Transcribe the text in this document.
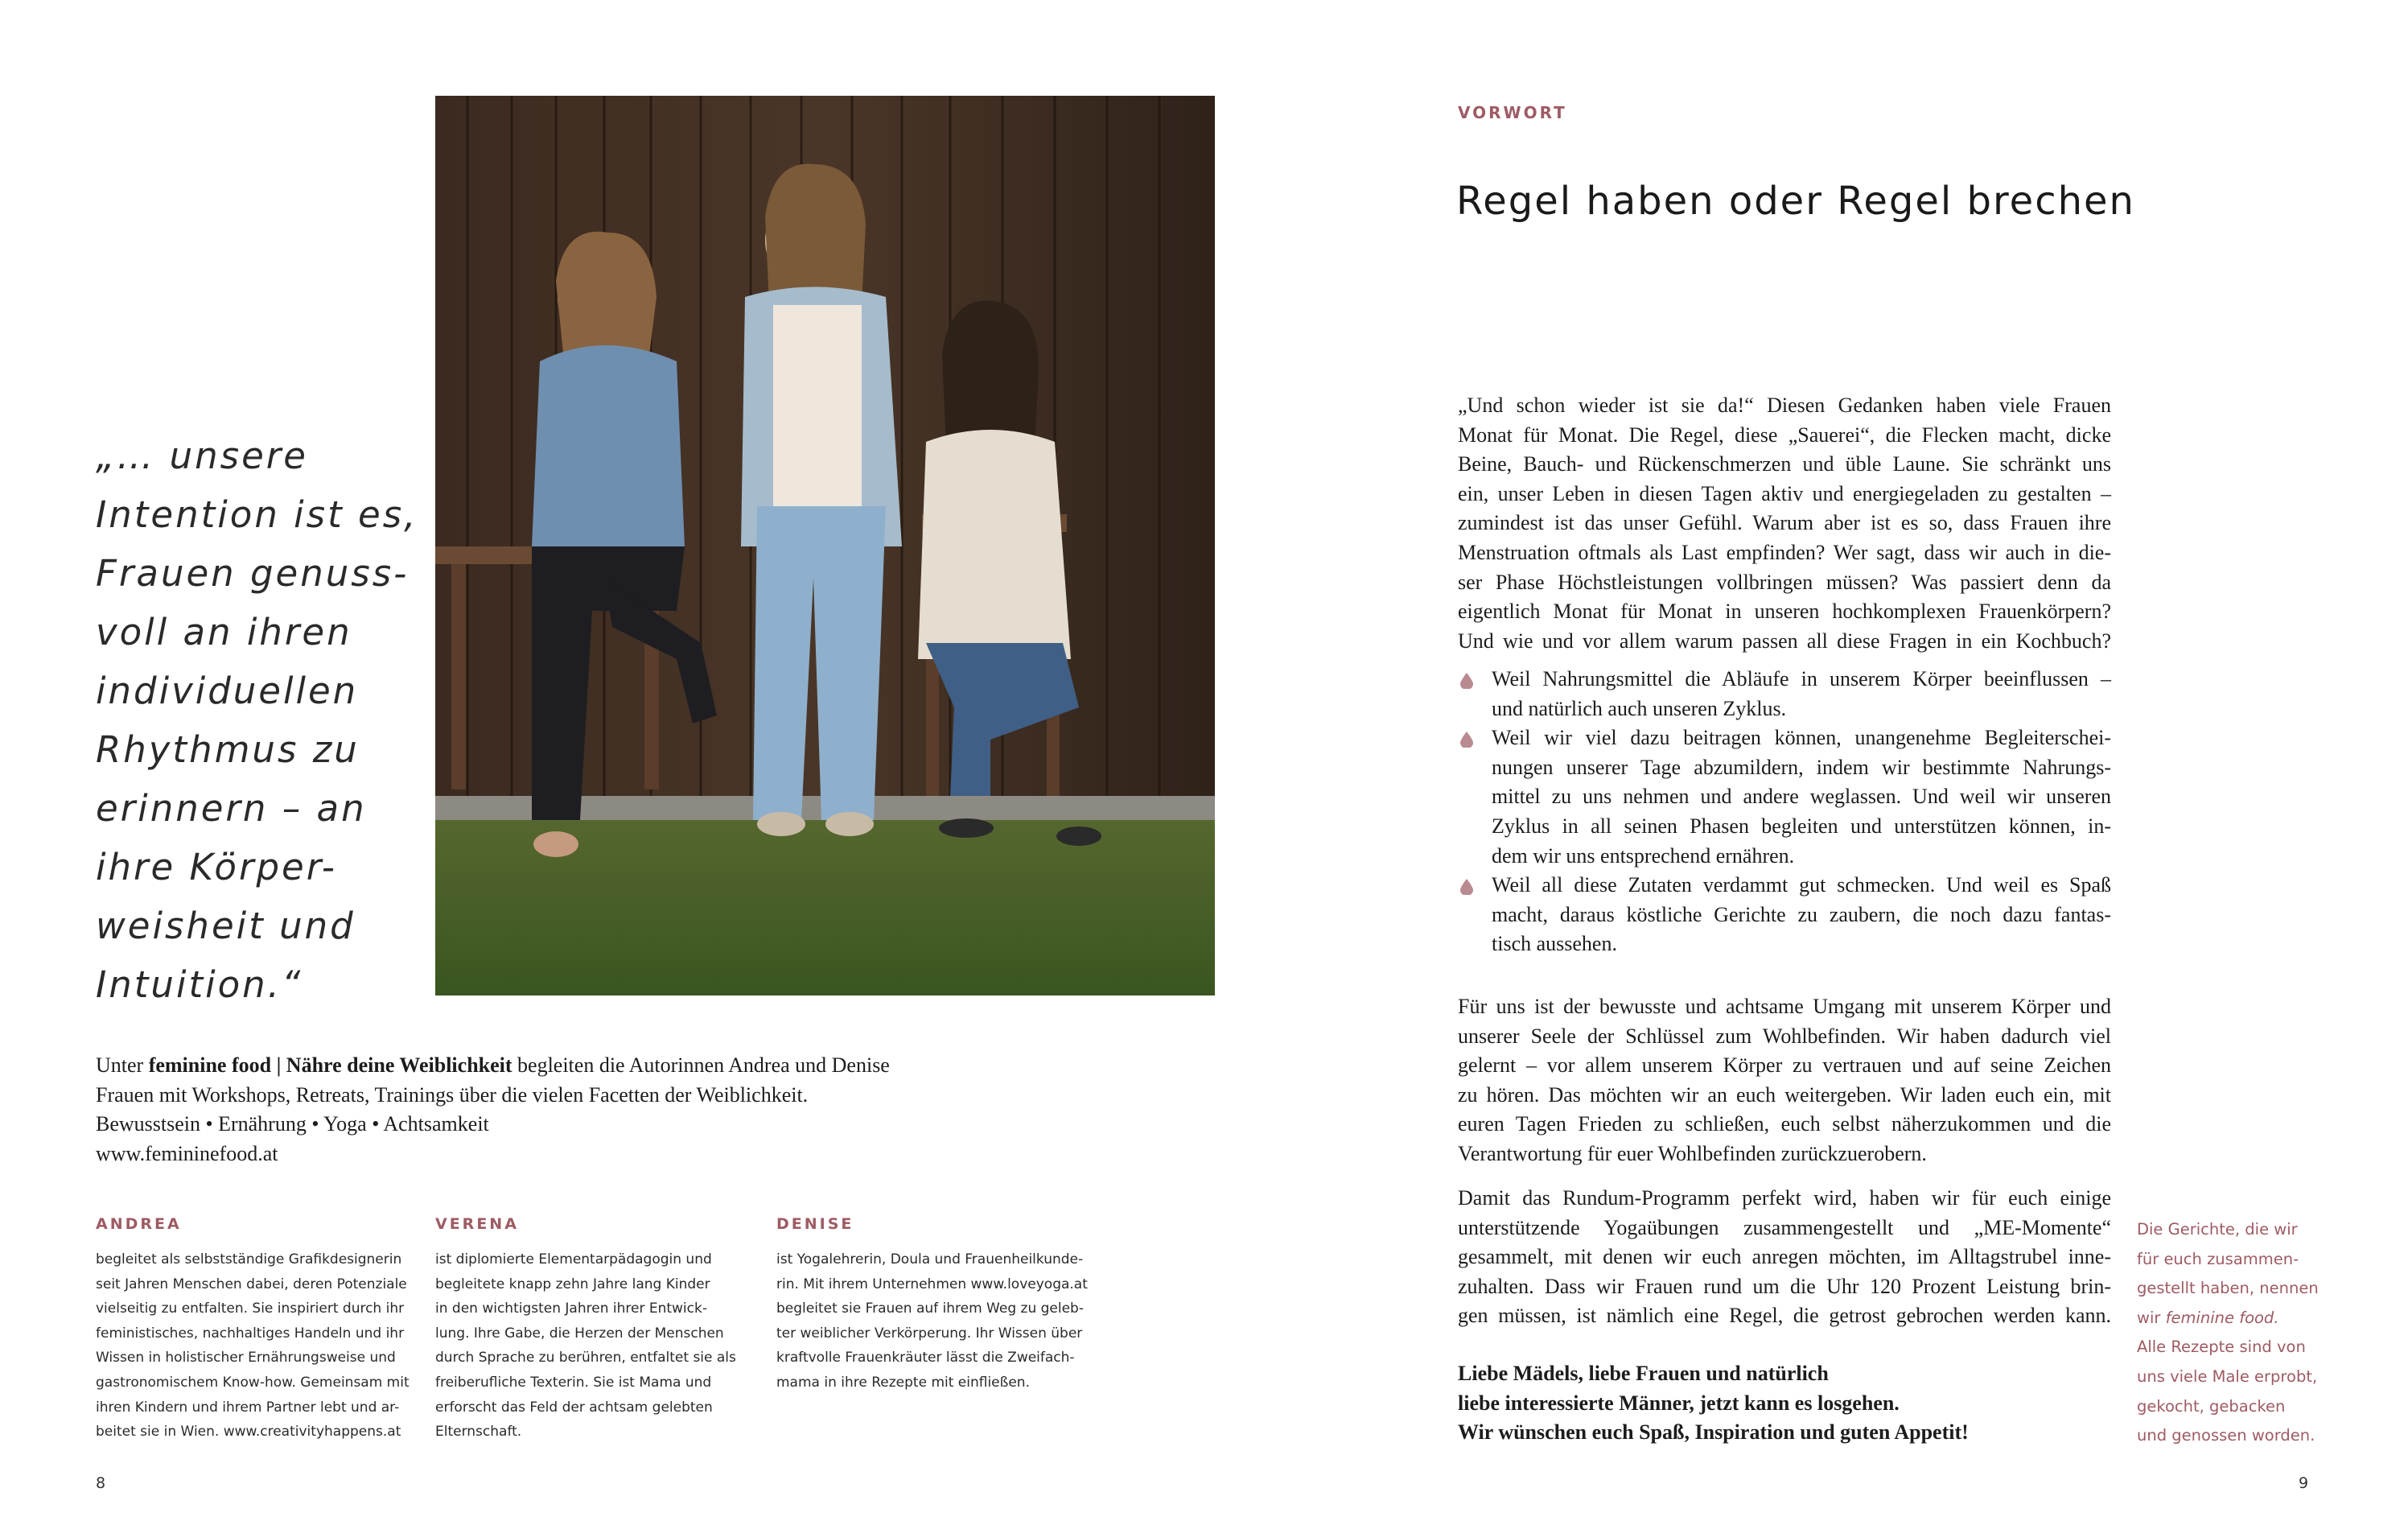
„… unsere
Intention ist es,
Frauen genuss-
voll an ihren
individuellen
Rhythmus zu
erinnern – an
ihre Körper-
weisheit und
Intuition.“

Unter feminine food | Nähre deine Weiblichkeit begleiten die Autorinnen Andrea und Denise
Frauen mit Workshops, Retreats, Trainings über die vielen Facetten der Weiblichkeit.
Bewusstsein • Ernährung • Yoga • Achtsamkeit
www.femininefood.at
ANDREA
begleitet als selbstständige Grafikdesignerin
seit Jahren Menschen dabei, deren Potenziale
vielseitig zu entfalten. Sie inspiriert durch ihr
feministisches, nachhaltiges Handeln und ihr
Wissen in holistischer Ernährungsweise und
gastronomischem Know-how. Gemeinsam mit
ihren Kindern und ihrem Partner lebt und ar-
beitet sie in Wien. www.creativityhappens.at
VERENA
ist diplomierte Elementarpädagogin und
begleitete knapp zehn Jahre lang Kinder
in den wichtigsten Jahren ihrer Entwick-
lung. Ihre Gabe, die Herzen der Menschen
durch Sprache zu berühren, entfaltet sie als
freiberufliche Texterin. Sie ist Mama und
erforscht das Feld der achtsam gelebten
Elternschaft.
DENISE
ist Yogalehrerin, Doula und Frauenheilkunde-
rin. Mit ihrem Unternehmen www.loveyoga.at
begleitet sie Frauen auf ihrem Weg zu geleb-
ter weiblicher Verkörperung. Ihr Wissen über
kraftvolle Frauenkräuter lässt die Zweifach-
mama in ihre Rezepte mit einfließen.
8
VORWORT
Regel haben oder Regel brechen
„Und schon wieder ist sie da!“ Diesen Gedanken haben viele Frauen
Monat für Monat. Die Regel, diese „Sauerei“, die Flecken macht, dicke
Beine, Bauch- und Rückenschmerzen und üble Laune. Sie schränkt uns
ein, unser Leben in diesen Tagen aktiv und energiegeladen zu gestalten –
zumindest ist das unser Gefühl. Warum aber ist es so, dass Frauen ihre
Menstruation oftmals als Last empfinden? Wer sagt, dass wir auch in die-
ser Phase Höchstleistungen vollbringen müssen? Was passiert denn da
eigentlich Monat für Monat in unseren hochkomplexen Frauenkörpern?
Und wie und vor allem warum passen all diese Fragen in ein Kochbuch?
Weil Nahrungsmittel die Abläufe in unserem Körper beeinflussen –
und natürlich auch unseren Zyklus.
Weil wir viel dazu beitragen können, unangenehme Begleiterschei-
nungen unserer Tage abzumildern, indem wir bestimmte Nahrungs-
mittel zu uns nehmen und andere weglassen. Und weil wir unseren
Zyklus in all seinen Phasen begleiten und unterstützen können, in-
dem wir uns entsprechend ernähren.
Weil all diese Zutaten verdammt gut schmecken. Und weil es Spaß
macht, daraus köstliche Gerichte zu zaubern, die noch dazu fantas-
tisch aussehen.
Für uns ist der bewusste und achtsame Umgang mit unserem Körper und
unserer Seele der Schlüssel zum Wohlbefinden. Wir haben dadurch viel
gelernt – vor allem unserem Körper zu vertrauen und auf seine Zeichen
zu hören. Das möchten wir an euch weitergeben. Wir laden euch ein, mit
euren Tagen Frieden zu schließen, euch selbst näherzukommen und die
Verantwortung für euer Wohlbefinden zurückzuerobern.
Damit das Rundum-Programm perfekt wird, haben wir für euch einige
unterstützende Yogaübungen zusammengestellt und „ME-Momente“
gesammelt, mit denen wir euch anregen möchten, im Alltagstrubel inne-
zuhalten. Dass wir Frauen rund um die Uhr 120 Prozent Leistung brin-
gen müssen, ist nämlich eine Regel, die getrost gebrochen werden kann.
Liebe Mädels, liebe Frauen und natürlich
liebe interessierte Männer, jetzt kann es losgehen.
Wir wünschen euch Spaß, Inspiration und guten Appetit!
Die Gerichte, die wir
für euch zusammen-
gestellt haben, nennen
wir feminine food.
Alle Rezepte sind von
uns viele Male erprobt,
gekocht, gebacken
und genossen worden.
9
